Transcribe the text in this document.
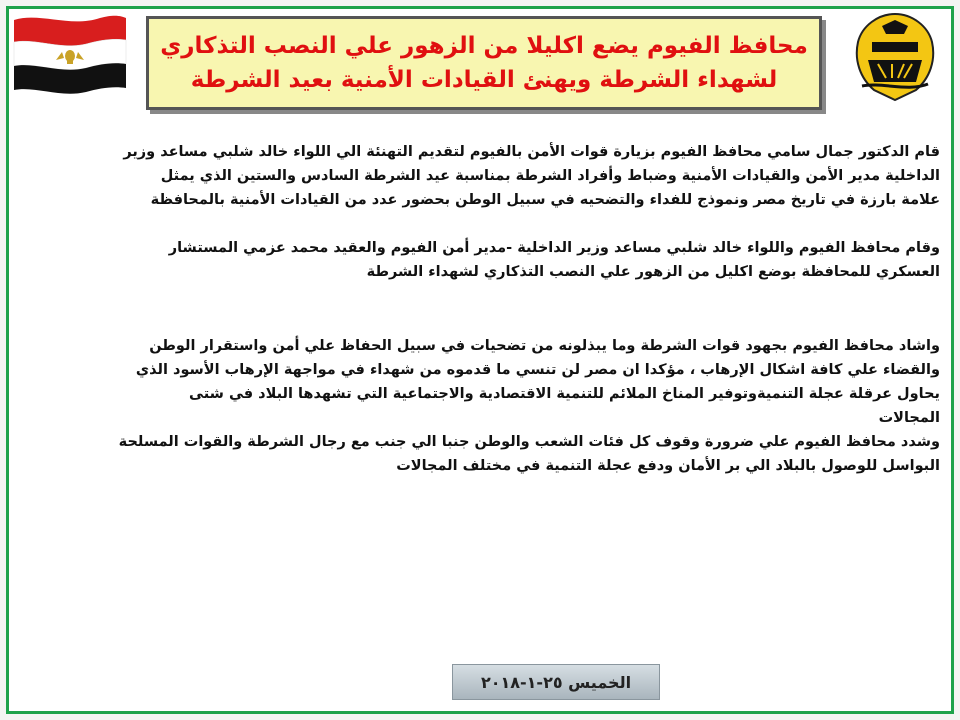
محافظ الفيوم يضع اكليلا من الزهور علي النصب التذكاري
لشهداء الشرطة ويهنئ القيادات الأمنية بعيد الشرطة

قام الدكتور جمال سامي محافظ الفيوم بزيارة قوات الأمن بالفيوم لتقديم التهنئة الي اللواء خالد شلبي مساعد وزير

الداخلية مدير الأمن والقيادات الأمنية وضباط وأفراد الشرطة بمناسبة عيد الشرطة السادس والستين الذي يمثل

علامة بارزة في تاريخ مصر ونموذج للفداء والتضحيه في سبيل الوطن بحضور عدد من القيادات الأمنية بالمحافظة

وقام محافظ الفيوم واللواء خالد شلبي مساعد وزير الداخلية -مدير أمن الفيوم والعقيد محمد عزمي المستشار

العسكري للمحافظة بوضع اكليل من الزهور علي النصب التذكاري لشهداء الشرطة

واشاد محافظ الفيوم بجهود قوات الشرطة وما يبذلونه من تضحيات في سبيل الحفاظ علي أمن واستقرار الوطن

والقضاء علي كافة اشكال الإرهاب ، مؤكدا ان مصر لن تنسي ما قدموه من شهداء في مواجهة الإرهاب الأسود الذي

يحاول عرقلة عجلة التنميةوتوفير المناخ الملائم للتنمية الاقتصادية والاجتماعية التي تشهدها البلاد في شتى

المجالات

وشدد محافظ الفيوم علي ضرورة وقوف كل فئات الشعب والوطن جنبا الي جنب مع رجال الشرطة والقوات المسلحة

البواسل للوصول بالبلاد الي بر الأمان ودفع عجلة التنمية في مختلف المجالات

الخميس ٢٥-١-٢٠١٨
